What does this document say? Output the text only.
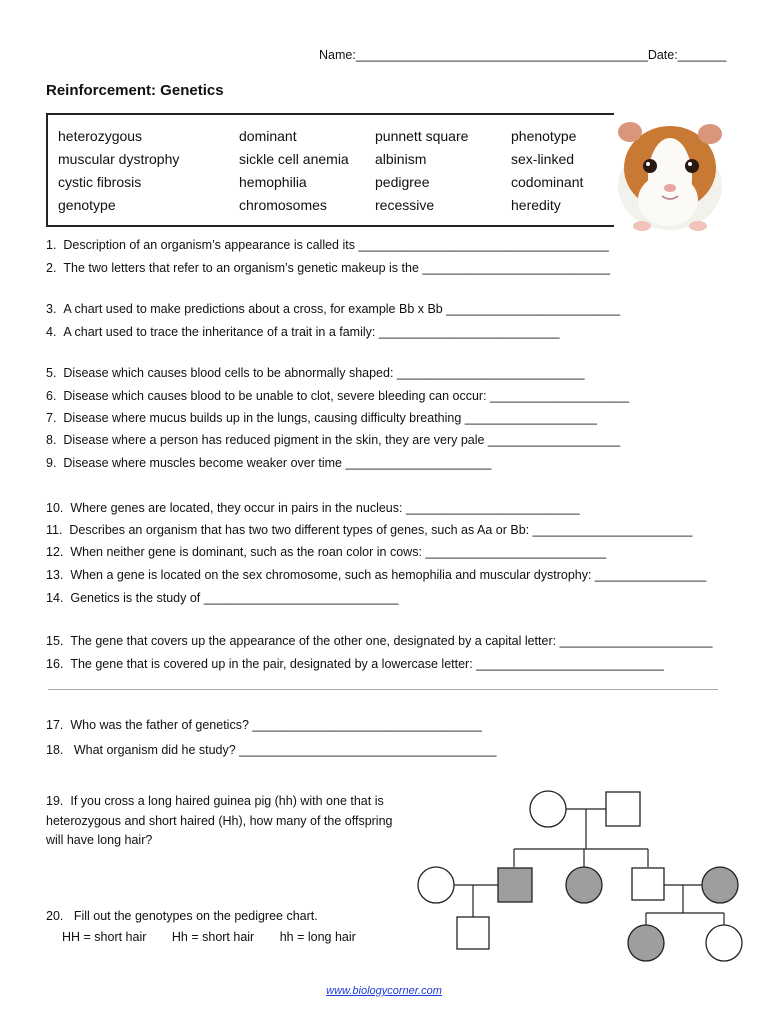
Name:__________________________________________Date:_______
Reinforcement: Genetics
heterozygous
muscular dystrophy
cystic fibrosis
genotype
dominant
sickle cell anemia
hemophilia
chromosomes
punnett square
albinism
pedigree
recessive
phenotype
sex-linked
codominant
heredity
1. Description of an organism’s appearance is called its ____________________________________
2. The two letters that refer to an organism’s genetic makeup is the ___________________________
3. A chart used to make predictions about a cross, for example Bb x Bb _________________________
4. A chart used to trace the inheritance of a trait in a family: __________________________
5. Disease which causes blood cells to be abnormally shaped: ___________________________
6. Disease which causes blood to be unable to clot, severe bleeding can occur: ____________________
7. Disease where mucus builds up in the lungs, causing difficulty breathing ___________________
8. Disease where a person has reduced pigment in the skin, they are very pale ___________________
9. Disease where muscles become weaker over time _____________________
10. Where genes are located, they occur in pairs in the nucleus: _________________________
11. Describes an organism that has two two different types of genes, such as Aa or Bb: _______________________
12. When neither gene is dominant, such as the roan color in cows: __________________________
13. When a gene is located on the sex chromosome, such as hemophilia and muscular dystrophy: ________________
14. Genetics is the study of ____________________________
15. The gene that covers up the appearance of the other one, designated by a capital letter: ______________________
16. The gene that is covered up in the pair, designated by a lowercase letter: ___________________________
17. Who was the father of genetics? _________________________________
18.   What organism did he study? _____________________________________
19. If you cross a long haired guinea pig (hh) with one that is heterozygous and short haired (Hh), how many of the offspring will have long hair?
20. Fill out the genotypes on the pedigree chart.
HH = short hair Hh = short hair hh = long hair
www.biologycorner.com
